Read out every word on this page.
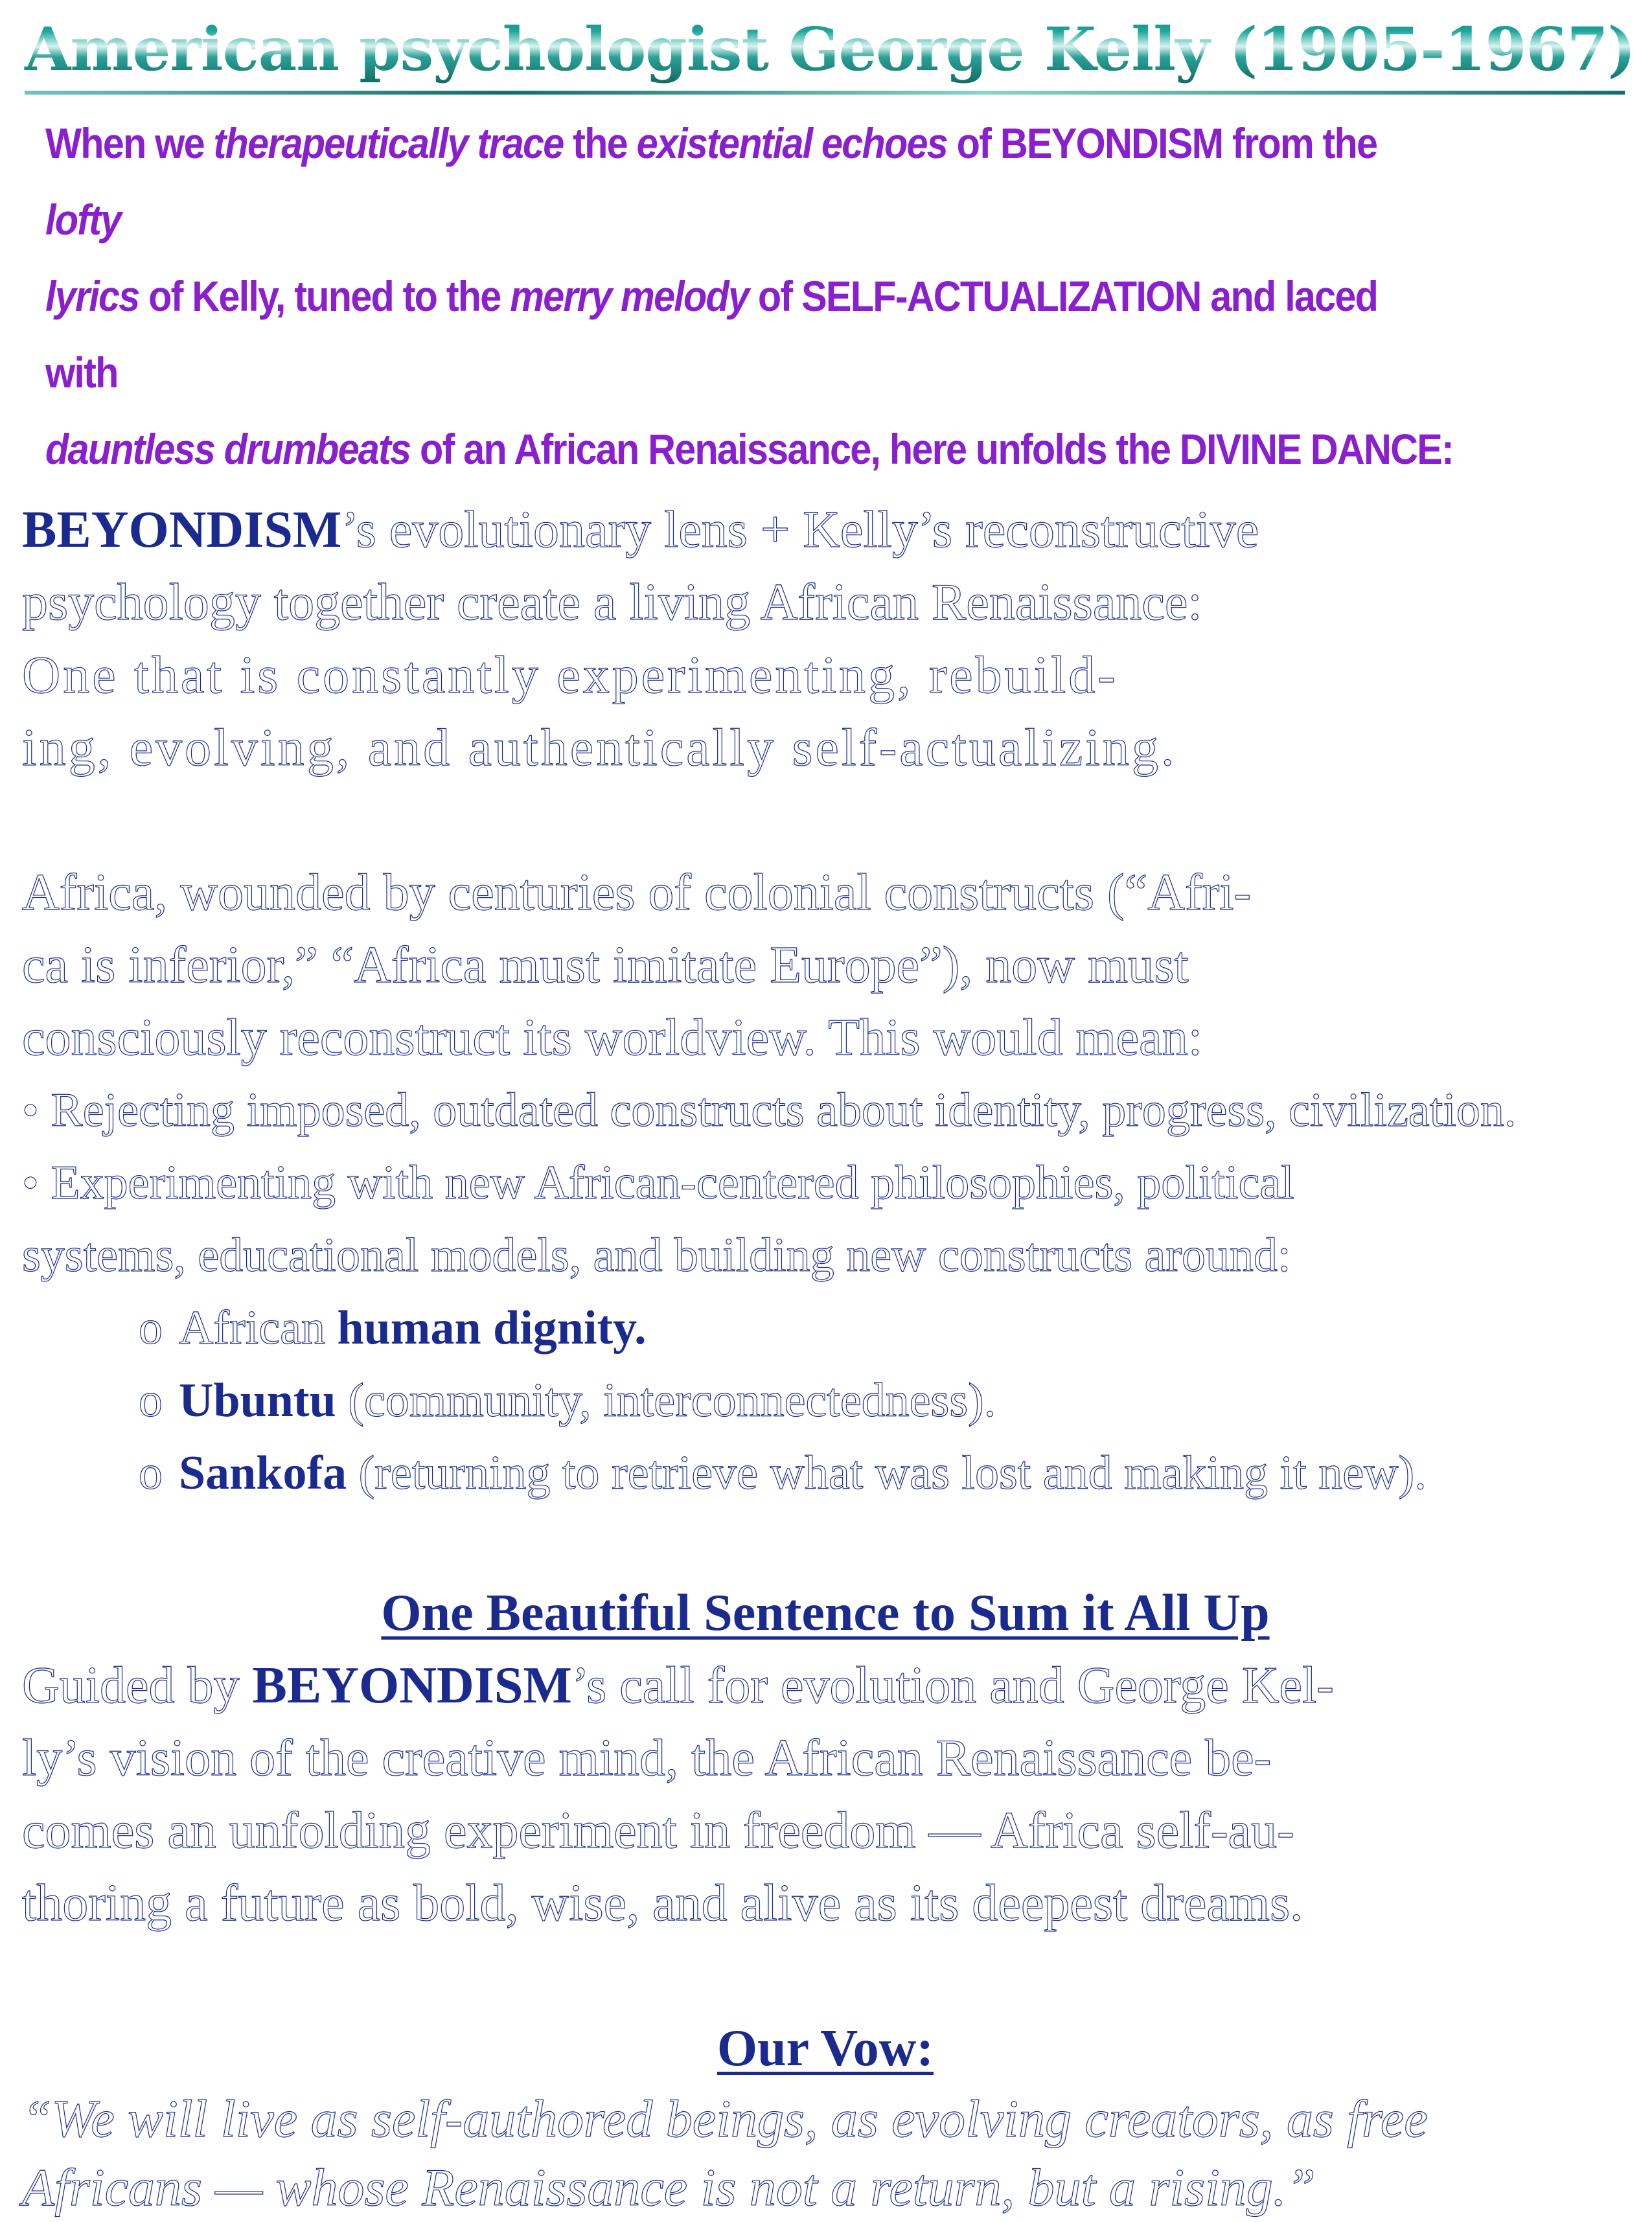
American psychologist George Kelly (1905-1967)
When we therapeutically trace the existential echoes of BEYONDISM from the lofty
lyrics of Kelly, tuned to the merry melody of SELF-ACTUALIZATION and laced with
dauntless drumbeats of an African Renaissance, here unfolds the DIVINE DANCE:
BEYONDISM’s evolutionary lens + Kelly’s reconstructive
psychology together create a living African Renaissance:
One that is constantly experimenting, rebuild-
ing, evolving, and authentically self-actualizing.
Africa, wounded by centuries of colonial constructs (“Afri-
ca is inferior,” “Africa must imitate Europe”), now must
consciously reconstruct its worldview. This would mean:
• Rejecting imposed, outdated constructs about identity, progress, civilization.
• Experimenting with new African-centered philosophies, political
systems, educational models, and building new constructs around:
o African human dignity.
o Ubuntu (community, interconnectedness).
o Sankofa (returning to retrieve what was lost and making it new).
One Beautiful Sentence to Sum it All Up
Guided by BEYONDISM’s call for evolution and George Kel-
ly’s vision of the creative mind, the African Renaissance be-
comes an unfolding experiment in freedom — Africa self-au-
thoring a future as bold, wise, and alive as its deepest dreams.
Our Vow:
“We will live as self-authored beings, as evolving creators, as free
Africans — whose Renaissance is not a return, but a rising.”
